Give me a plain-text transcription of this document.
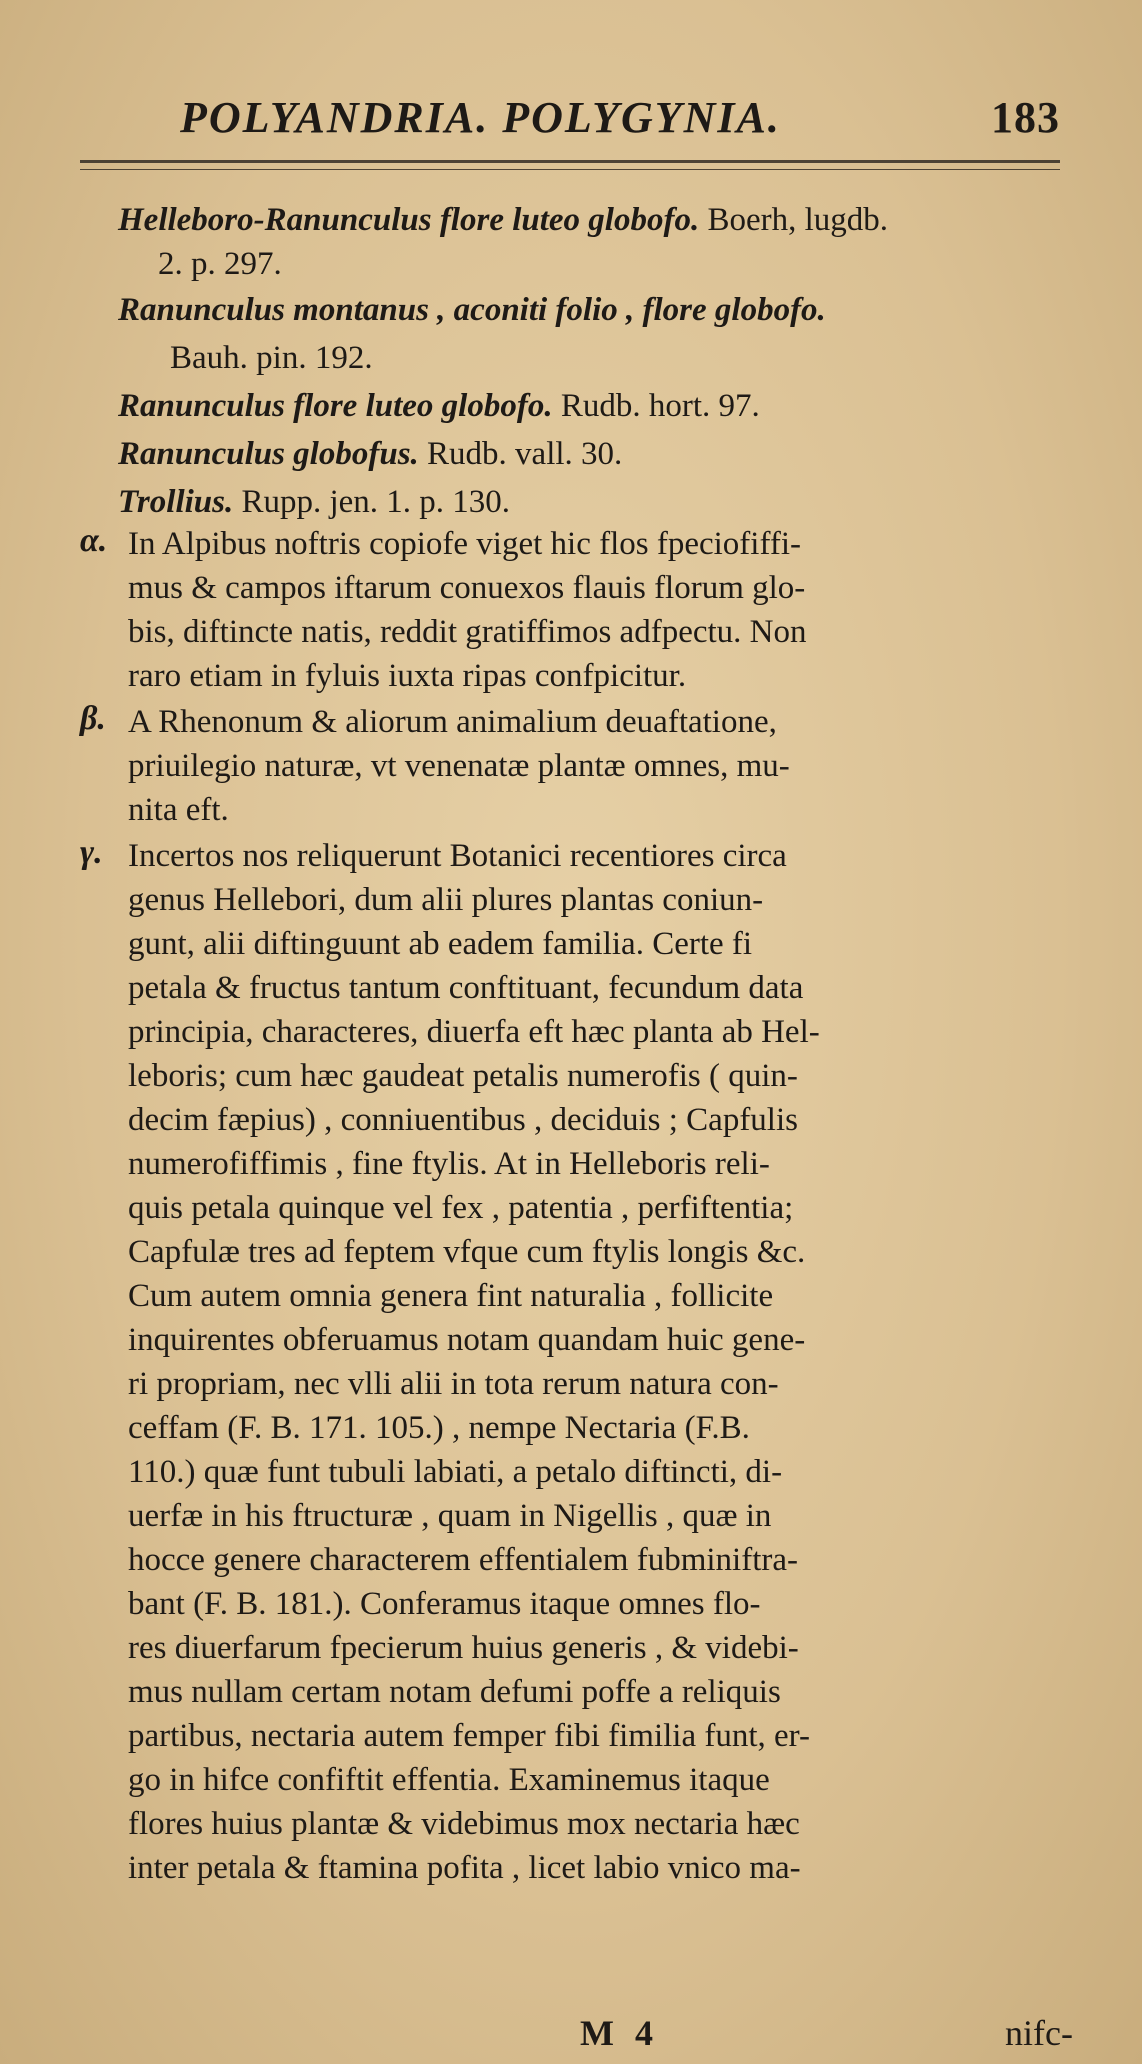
POLYANDRIA. POLYGYNIA.	183
Helleboro-Ranunculus flore luteo globofo. Boerh, lugdb.
2. p. 297.
Ranunculus montanus , aconiti folio , flore globofo.
Bauh. pin. 192.
Ranunculus flore luteo globofo. Rudb. hort. 97.
Ranunculus globofus. Rudb. vall. 30.
Trollius. Rupp. jen. 1. p. 130.
α. In Alpibus noftris copiofe viget hic flos fpeciofiffi-
mus & campos iftarum conuexos flauis florum glo-
bis, diftincte natis, reddit gratiffimos adfpectu. Non
raro etiam in fyluis iuxta ripas confpicitur.
β. A Rhenonum & aliorum animalium deuaftatione,
priuilegio naturæ, vt venenatæ plantæ omnes, mu-
nita eft.
γ. Incertos nos reliquerunt Botanici recentiores circa
genus Hellebori, dum alii plures plantas coniun-
gunt, alii diftinguunt ab eadem familia. Certe fi
petala & fructus tantum conftituant, fecundum data
principia, characteres, diuerfa eft hæc planta ab Hel-
leboris; cum hæc gaudeat petalis numerofis ( quin-
decim fæpius) , conniuentibus , deciduis ; Capfulis
numerofiffimis , fine ftylis. At in Helleboris reli-
quis petala quinque vel fex , patentia , perfiftentia;
Capfulæ tres ad feptem vfque cum ftylis longis &c.
Cum autem omnia genera fint naturalia , follicite
inquirentes obferuamus notam quandam huic gene-
ri propriam, nec vlli alii in tota rerum natura con-
ceffam (F. B. 171. 105.) , nempe Nectaria (F.B.
110.) quæ funt tubuli labiati, a petalo diftincti, di-
uerfæ in his ftructuræ , quam in Nigellis , quæ in
hocce genere characterem effentialem fubminiftra-
bant (F. B. 181.). Conferamus itaque omnes flo-
res diuerfarum fpecierum huius generis , & videbi-
mus nullam certam notam defumi poffe a reliquis
partibus, nectaria autem femper fibi fimilia funt, er-
go in hifce confiftit effentia. Examinemus itaque
flores huius plantæ & videbimus mox nectaria hæc
inter petala & ftamina pofita , licet labio vnico ma-
M 4	nifc-
